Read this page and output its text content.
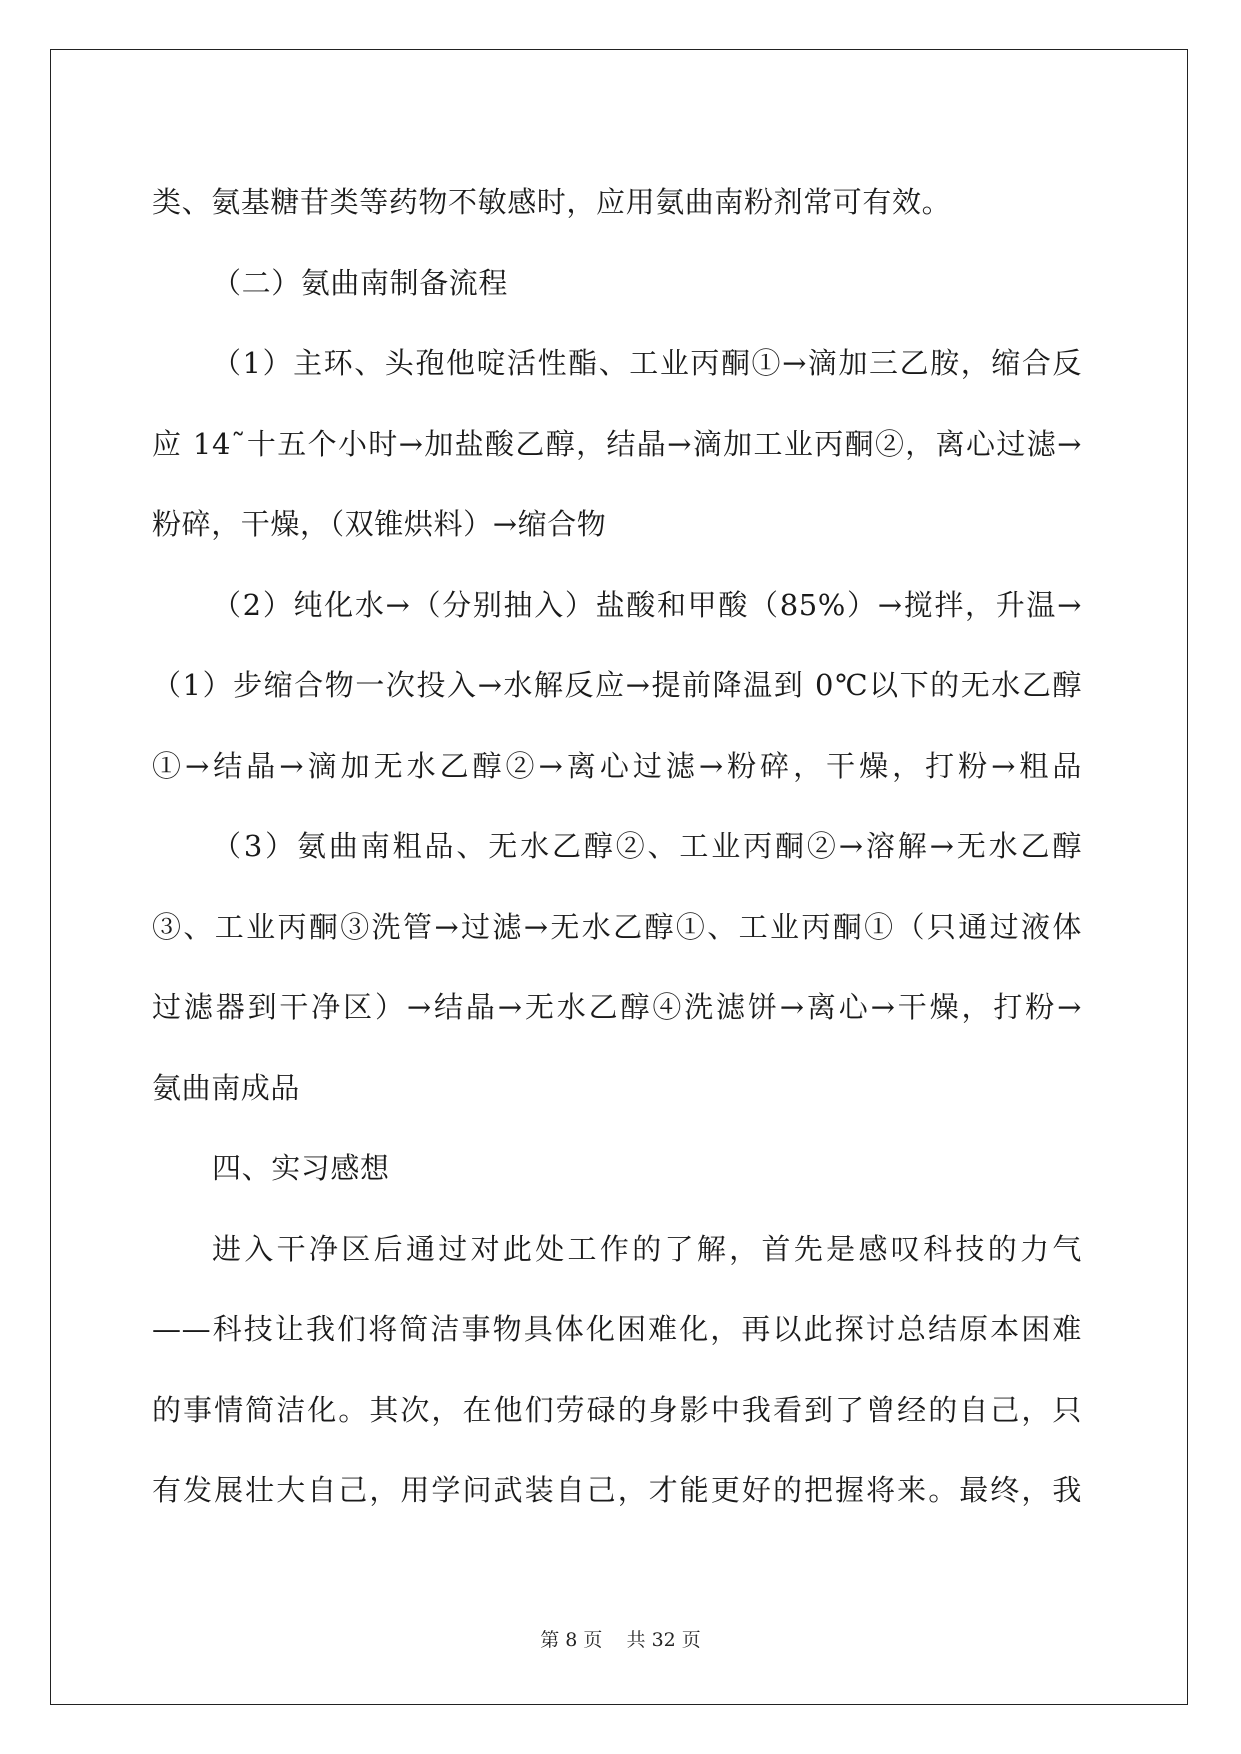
类、氨基糖苷类等药物不敏感时，应用氨曲南粉剂常可有效。
（二）氨曲南制备流程
（1）主环、头孢他啶活性酯、工业丙酮①→滴加三乙胺，缩合反
应 14˜十五个小时→加盐酸乙醇，结晶→滴加工业丙酮②，离心过滤→
粉碎，干燥，（双锥烘料）→缩合物
（2）纯化水→（分别抽入）盐酸和甲酸（85%）→搅拌，升温→
（1）步缩合物一次投入→水解反应→提前降温到 0℃以下的无水乙醇
①→结晶→滴加无水乙醇②→离心过滤→粉碎，干燥，打粉→粗品
（3）氨曲南粗品、无水乙醇②、工业丙酮②→溶解→无水乙醇
③、工业丙酮③洗管→过滤→无水乙醇①、工业丙酮①（只通过液体
过滤器到干净区）→结晶→无水乙醇④洗滤饼→离心→干燥，打粉→
氨曲南成品
四、实习感想
进入干净区后通过对此处工作的了解，首先是感叹科技的力气
——科技让我们将简洁事物具体化困难化，再以此探讨总结原本困难
的事情简洁化。其次，在他们劳碌的身影中我看到了曾经的自己，只
有发展壮大自己，用学问武装自己，才能更好的把握将来。最终，我
第 8 页 共 32 页
